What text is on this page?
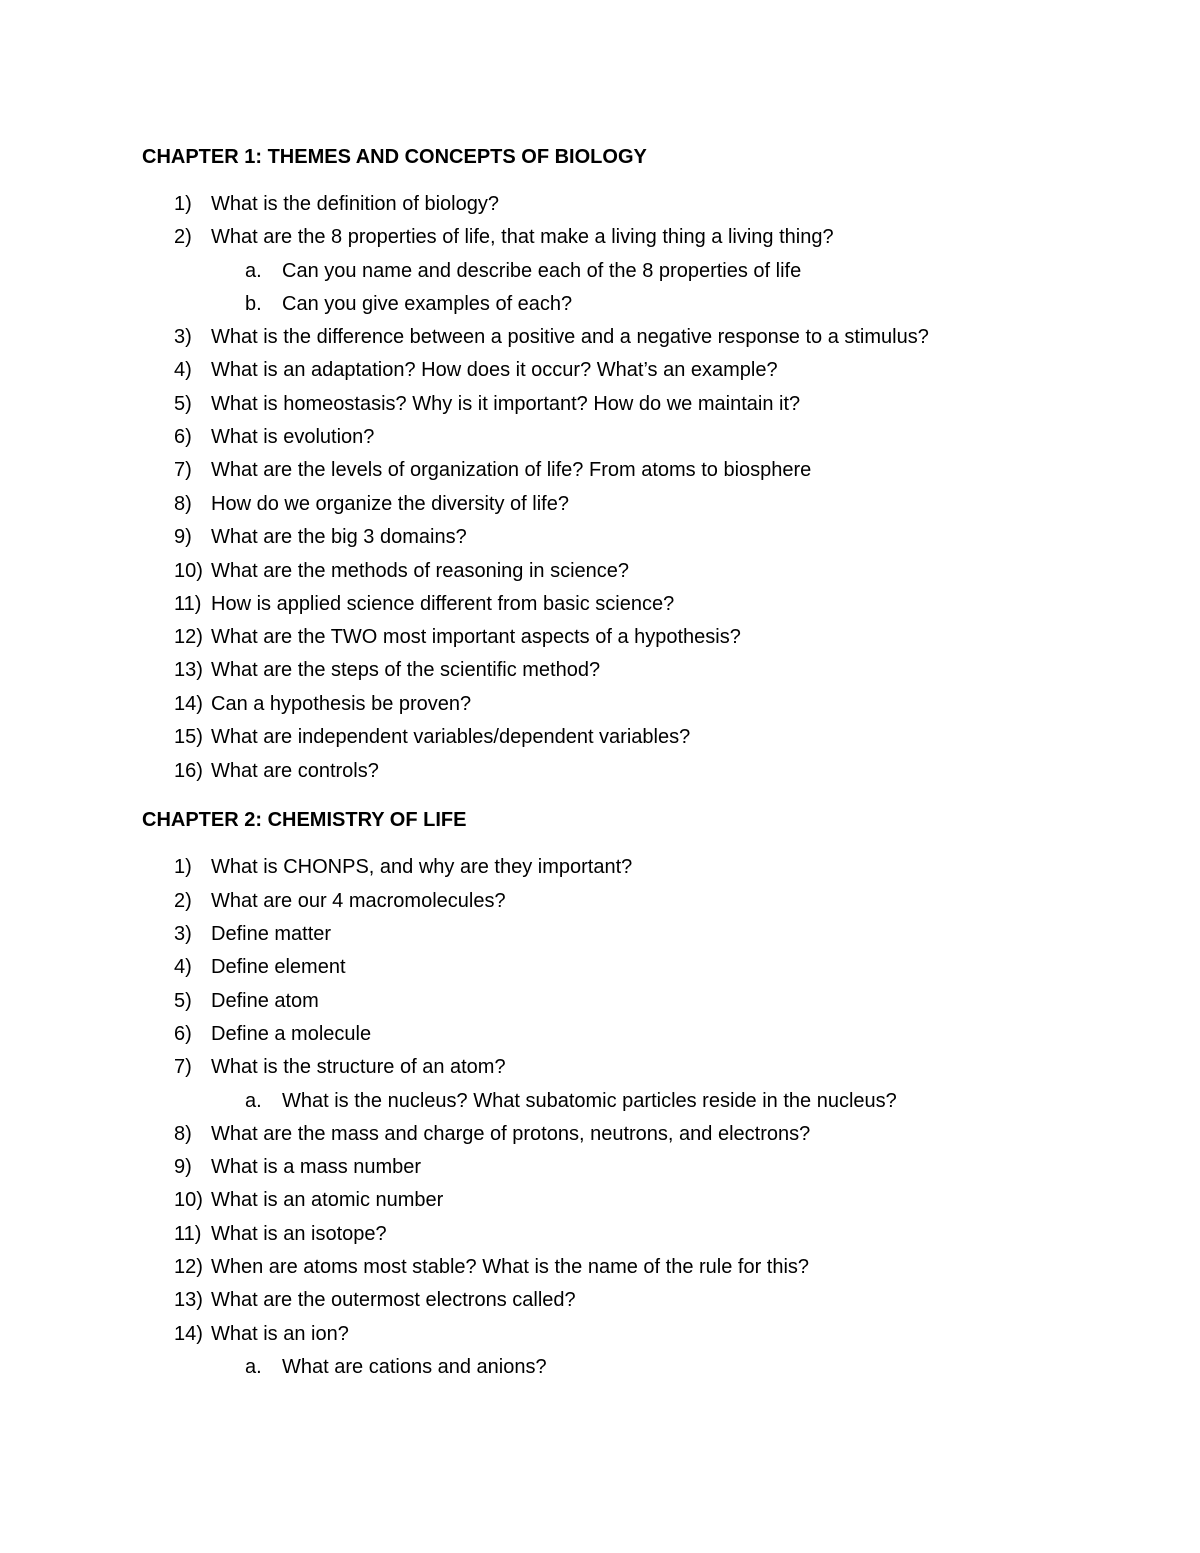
CHAPTER 1: THEMES AND CONCEPTS OF BIOLOGY
1) What is the definition of biology?
2) What are the 8 properties of life, that make a living thing a living thing?
a. Can you name and describe each of the 8 properties of life
b. Can you give examples of each?
3) What is the difference between a positive and a negative response to a stimulus?
4) What is an adaptation? How does it occur? What’s an example?
5) What is homeostasis? Why is it important? How do we maintain it?
6) What is evolution?
7) What are the levels of organization of life? From atoms to biosphere
8) How do we organize the diversity of life?
9) What are the big 3 domains?
10) What are the methods of reasoning in science?
11) How is applied science different from basic science?
12) What are the TWO most important aspects of a hypothesis?
13) What are the steps of the scientific method?
14) Can a hypothesis be proven?
15) What are independent variables/dependent variables?
16) What are controls?
CHAPTER 2: CHEMISTRY OF LIFE
1) What is CHONPS, and why are they important?
2) What are our 4 macromolecules?
3) Define matter
4) Define element
5) Define atom
6) Define a molecule
7) What is the structure of an atom?
a. What is the nucleus? What subatomic particles reside in the nucleus?
8) What are the mass and charge of protons, neutrons, and electrons?
9) What is a mass number
10) What is an atomic number
11) What is an isotope?
12) When are atoms most stable? What is the name of the rule for this?
13) What are the outermost electrons called?
14) What is an ion?
a. What are cations and anions?
